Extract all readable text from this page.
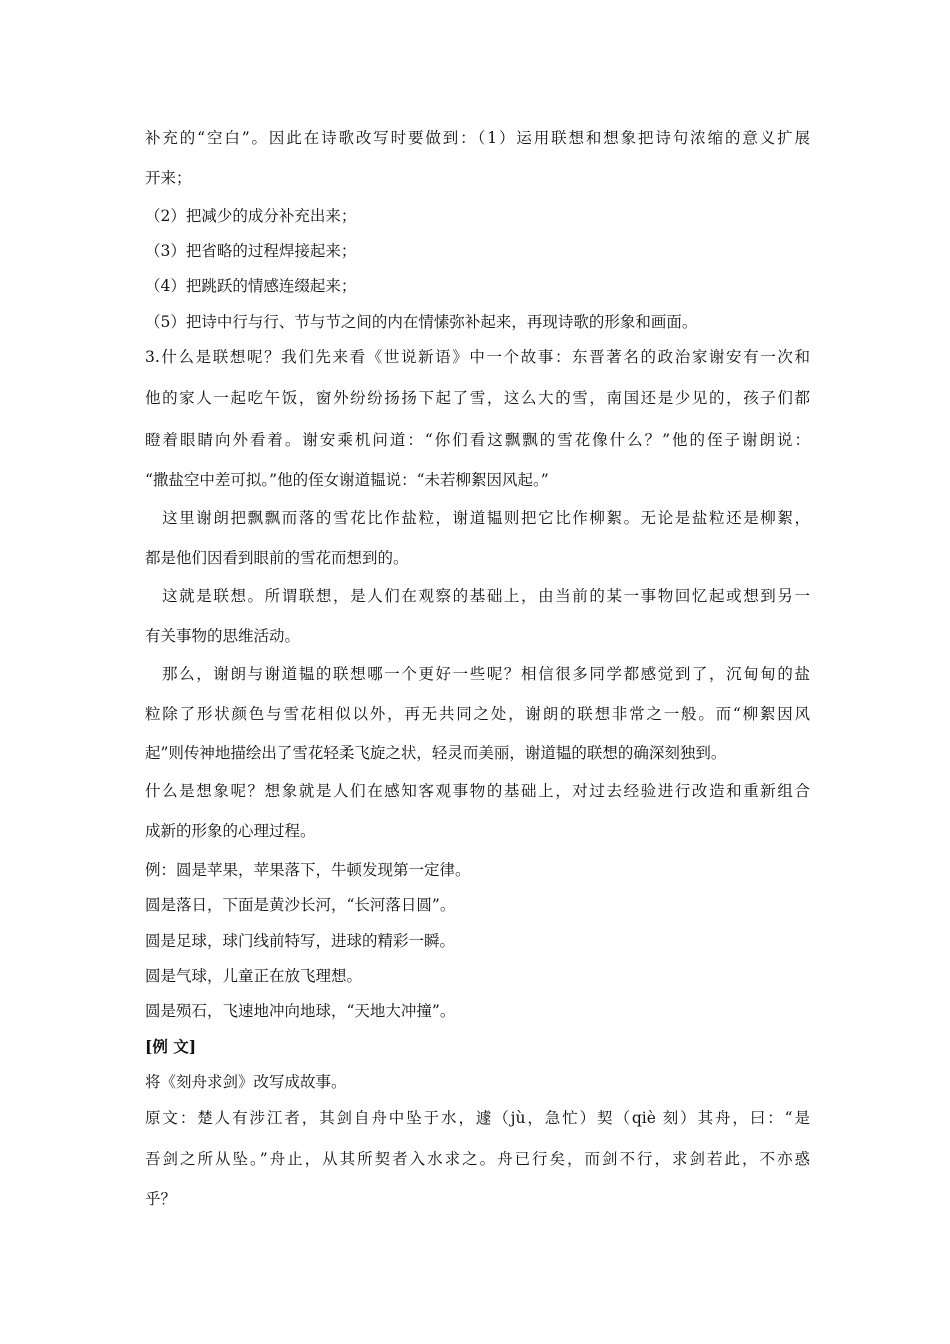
补充的“空白”。因此在诗歌改写时要做到：（1）运用联想和想象把诗句浓缩的意义扩展
开来；
（2）把减少的成分补充出来；
（3）把省略的过程焊接起来；
（4）把跳跃的情感连缀起来；
（5）把诗中行与行、节与节之间的内在情愫弥补起来，再现诗歌的形象和画面。
3.什么是联想呢？我们先来看《世说新语》中一个故事：东晋著名的政治家谢安有一次和
他的家人一起吃午饭，窗外纷纷扬扬下起了雪，这么大的雪，南国还是少见的，孩子们都
瞪着眼睛向外看着。谢安乘机问道：“你们看这飘飘的雪花像什么？”他的侄子谢朗说：
“撒盐空中差可拟。”他的侄女谢道韫说：“未若柳絮因风起。”
　这里谢朗把飘飘而落的雪花比作盐粒，谢道韫则把它比作柳絮。无论是盐粒还是柳絮，
都是他们因看到眼前的雪花而想到的。
　这就是联想。所谓联想，是人们在观察的基础上，由当前的某一事物回忆起或想到另一
有关事物的思维活动。
　那么，谢朗与谢道韫的联想哪一个更好一些呢？相信很多同学都感觉到了，沉甸甸的盐
粒除了形状颜色与雪花相似以外，再无共同之处，谢朗的联想非常之一般。而“柳絮因风
起”则传神地描绘出了雪花轻柔飞旋之状，轻灵而美丽，谢道韫的联想的确深刻独到。
什么是想象呢？想象就是人们在感知客观事物的基础上，对过去经验进行改造和重新组合
成新的形象的心理过程。
例：圆是苹果，苹果落下，牛顿发现第一定律。
圆是落日，下面是黄沙长河，“长河落日圆”。
圆是足球，球门线前特写，进球的精彩一瞬。
圆是气球，儿童正在放飞理想。
圆是殒石，飞速地冲向地球，“天地大冲撞”。
[例 文]
将《刻舟求剑》改写成故事。
原文：楚人有涉江者，其剑自舟中坠于水，遽（jù，急忙）契（qiè 刻）其舟，曰：“是
吾剑之所从坠。”舟止，从其所契者入水求之。舟已行矣，而剑不行，求剑若此，不亦惑
乎？
